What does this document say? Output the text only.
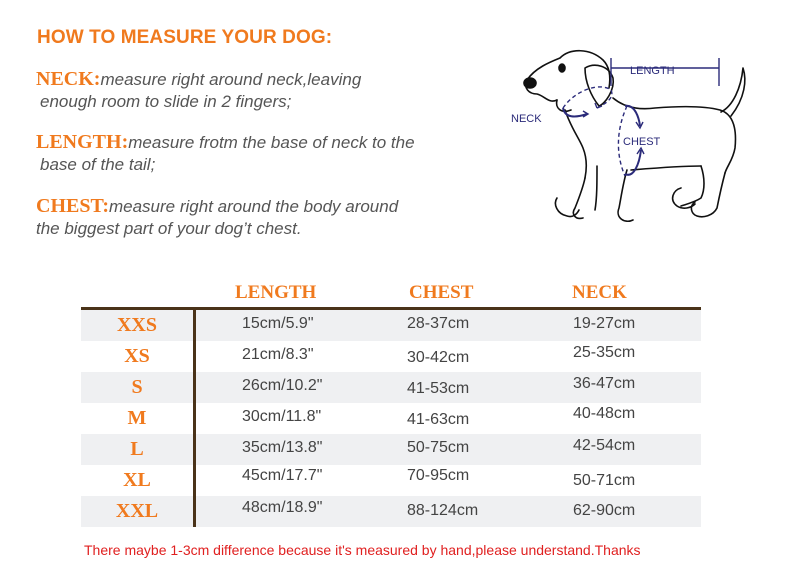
HOW TO MEASURE YOUR DOG:
NECK:measure right around neck,leaving
enough room to slide in 2 fingers;
LENGTH:measure frotm the base of neck to the
base of the tail;
CHEST:measure right around the body around
the biggest part of your dog’t chest.
LENGTH
NECK
CHEST
LENGTH	CHEST	NECK
XXS	15cm/5.9"	28-37cm	19-27cm
XS	21cm/8.3"	30-42cm	25-35cm
S	26cm/10.2"	41-53cm	36-47cm
M	30cm/11.8"	41-63cm	40-48cm
L	35cm/13.8"	50-75cm	42-54cm
XL	45cm/17.7"	70-95cm	50-71cm
XXL	48cm/18.9"	88-124cm	62-90cm
There maybe 1-3cm difference because it's measured by hand,please understand.Thanks
